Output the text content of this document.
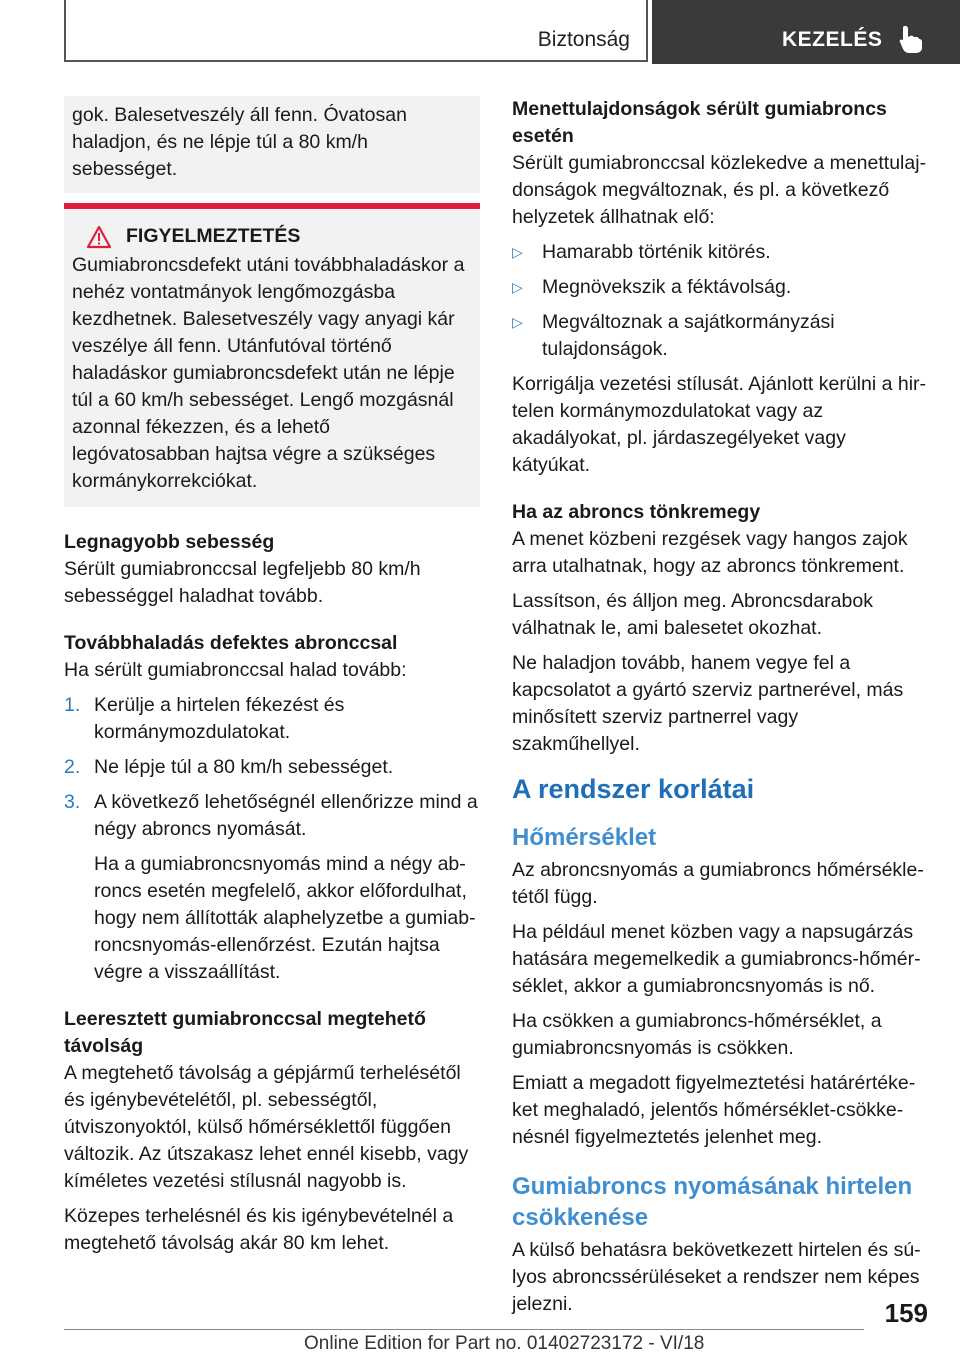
Biztonság	KEZELÉS

gok. Balesetveszély áll fenn. Óvatosan haladjon, és ne lépje túl a 80 km/h sebességet.

FIGYELMEZTETÉS

Gumiabroncsdefekt utáni továbbhaladáskor a nehéz vontatmányok lengőmozgásba kezdhetnek. Balesetveszély vagy anyagi kár veszélye áll fenn. Utánfutóval történő haladáskor gumiabroncsdefekt után ne lépje túl a 60 km/h sebességet. Lengő mozgásnál azonnal fékezzen, és a lehető legóvatosabban hajtsa végre a szükséges kormánykorrekciókat.

Legnagyobb sebesség

Sérült gumiabronccsal legfeljebb 80 km/h sebességgel haladhat tovább.

Továbbhaladás defektes abronccsal

Ha sérült gumiabronccsal halad tovább:

1. Kerülje a hirtelen fékezést és kormánymozdulatokat.
2. Ne lépje túl a 80 km/h sebességet.
3. A következő lehetőségnél ellenőrizze mind a négy abroncs nyomását.

Ha a gumiabroncsnyomás mind a négy abroncs esetén megfelelő, akkor előfordulhat, hogy nem állították alaphelyzetbe a gumiabroncsnyomás-ellenőrzést. Ezután hajtsa végre a visszaállítást.

Leeresztett gumiabronccsal megtehető távolság

A megtehető távolság a gépjármű terhelésétől és igénybevételétől, pl. sebességtől, útviszonyoktól, külső hőmérséklettől függően változik. Az útszakasz lehet ennél kisebb, vagy kíméletes vezetési stílusnál nagyobb is.

Közepes terhelésnél és kis igénybevételnél a megtehető távolság akár 80 km lehet.

Menettulajdonságok sérült gumiabroncs esetén

Sérült gumiabronccsal közlekedve a menettulajdonságok megváltoznak, és pl. a következő helyzetek állhatnak elő:

▷ Hamarabb történik kitörés.
▷ Megnövekszik a féktávolság.
▷ Megváltoznak a sajátkormányzási tulajdonságok.

Korrigálja vezetési stílusát. Ajánlott kerülni a hirtelen kormánymozdulatokat vagy az akadályokat, pl. járdaszegélyeket vagy kátyúkat.

Ha az abroncs tönkremegy

A menet közbeni rezgések vagy hangos zajok arra utalhatnak, hogy az abroncs tönkrement.

Lassítson, és álljon meg. Abroncsdarabok válhatnak le, ami balesetet okozhat.

Ne haladjon tovább, hanem vegye fel a kapcsolatot a gyártó szerviz partnerével, más minősített szerviz partnerrel vagy szakműhellyel.

A rendszer korlátai

Hőmérséklet

Az abroncsnyomás a gumiabroncs hőmérsékletétől függ.

Ha például menet közben vagy a napsugárzás hatására megemelkedik a gumiabroncs-hőmérséklet, akkor a gumiabroncsnyomás is nő.

Ha csökken a gumiabroncs-hőmérséklet, a gumiabroncsnyomás is csökken.

Emiatt a megadott figyelmeztetési határértékeket meghaladó, jelentős hőmérséklet-csökkenésnél figyelmeztetés jelenhet meg.

Gumiabroncs nyomásának hirtelen csökkenése

A külső behatásra bekövetkezett hirtelen és súlyos abroncssérüléseket a rendszer nem képes jelezni.	159
Online Edition for Part no. 01402723172 - VI/18
